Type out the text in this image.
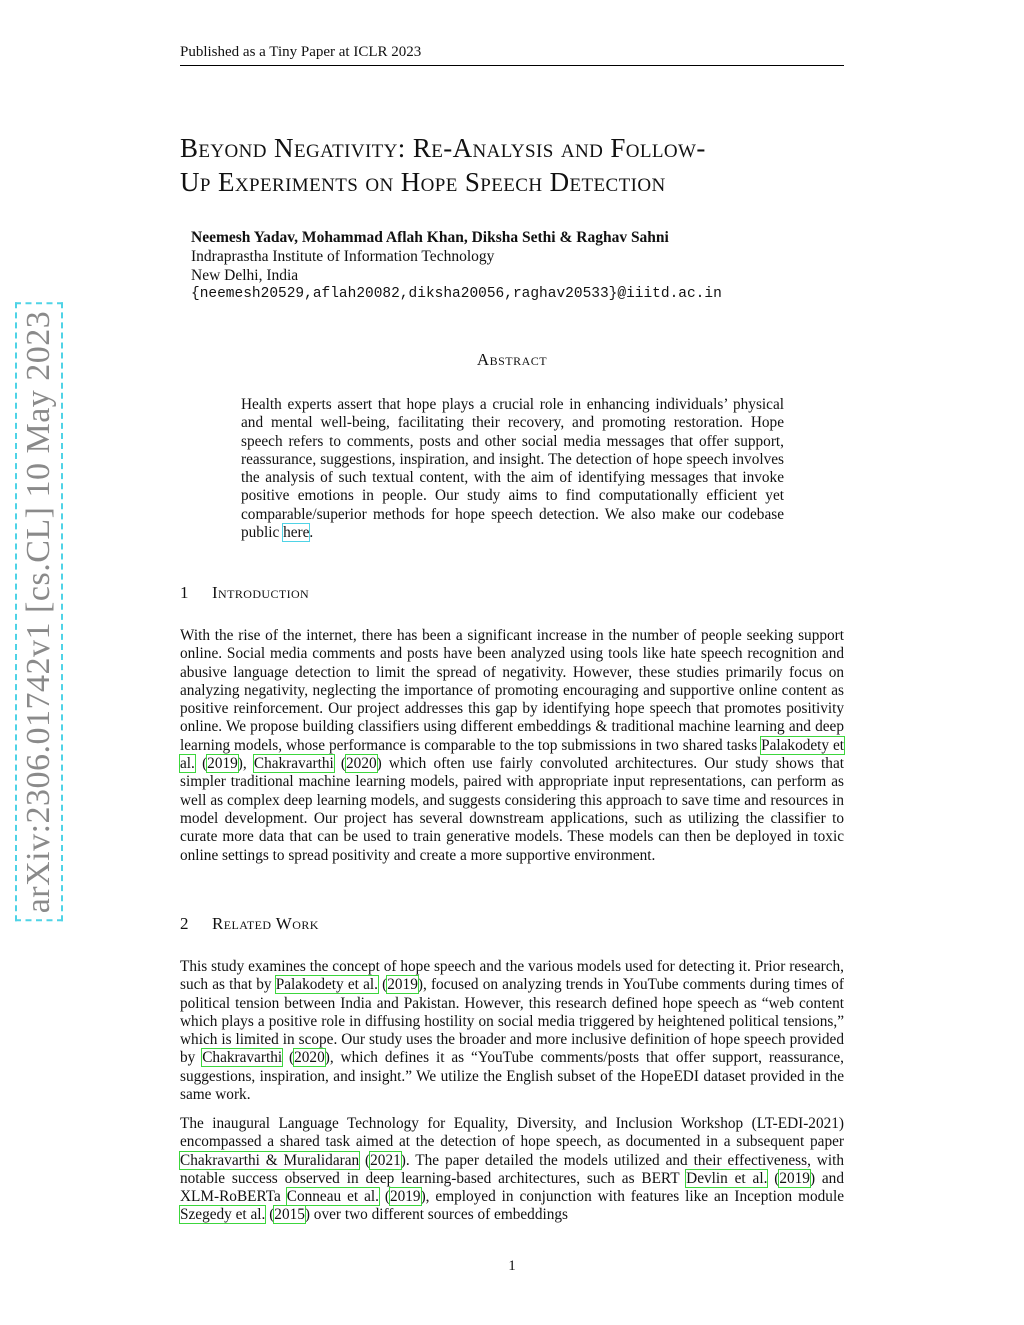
Published as a Tiny Paper at ICLR 2023
arXiv:2306.01742v1 [cs.CL] 10 May 2023
Beyond Negativity: Re-Analysis and Follow-
Up Experiments on Hope Speech Detection
Neemesh Yadav, Mohammad Aflah Khan, Diksha Sethi & Raghav Sahni
Indraprastha Institute of Information Technology
New Delhi, India
{neemesh20529,aflah20082,diksha20056,raghav20533}@iiitd.ac.in
Abstract
Health experts assert that hope plays a crucial role in enhancing individuals’ physical and mental well-being, facilitating their recovery, and promoting restoration. Hope speech refers to comments, posts and other social media messages that offer support, reassurance, suggestions, inspiration, and insight. The detection of hope speech involves the analysis of such textual content, with the aim of identifying messages that invoke positive emotions in people. Our study aims to find computationally efficient yet comparable/superior methods for hope speech detection. We also make our codebase public here.
1 Introduction
With the rise of the internet, there has been a significant increase in the number of people seeking support online. Social media comments and posts have been analyzed using tools like hate speech recognition and abusive language detection to limit the spread of negativity. However, these studies primarily focus on analyzing negativity, neglecting the importance of promoting encouraging and supportive online content as positive reinforcement. Our project addresses this gap by identifying hope speech that promotes positivity online. We propose building classifiers using different embeddings & traditional machine learning and deep learning models, whose performance is comparable to the top submissions in two shared tasks Palakodety et al. (2019), Chakravarthi (2020) which often use fairly convoluted architectures. Our study shows that simpler traditional machine learning models, paired with appropriate input representations, can perform as well as complex deep learning models, and suggests considering this approach to save time and resources in model development. Our project has several downstream applications, such as utilizing the classifier to curate more data that can be used to train generative models. These models can then be deployed in toxic online settings to spread positivity and create a more supportive environment.
2 Related Work
This study examines the concept of hope speech and the various models used for detecting it. Prior research, such as that by Palakodety et al. (2019), focused on analyzing trends in YouTube comments during times of political tension between India and Pakistan. However, this research defined hope speech as “web content which plays a positive role in diffusing hostility on social media triggered by heightened political tensions,” which is limited in scope. Our study uses the broader and more inclusive definition of hope speech provided by Chakravarthi (2020), which defines it as “YouTube comments/posts that offer support, reassurance, suggestions, inspiration, and insight.” We utilize the English subset of the HopeEDI dataset provided in the same work.
The inaugural Language Technology for Equality, Diversity, and Inclusion Workshop (LT-EDI-2021) encompassed a shared task aimed at the detection of hope speech, as documented in a subsequent paper Chakravarthi & Muralidaran (2021). The paper detailed the models utilized and their effectiveness, with notable success observed in deep learning-based architectures, such as BERT Devlin et al. (2019) and XLM-RoBERTa Conneau et al. (2019), employed in conjunction with features like an Inception module Szegedy et al. (2015) over two different sources of embeddings
1
